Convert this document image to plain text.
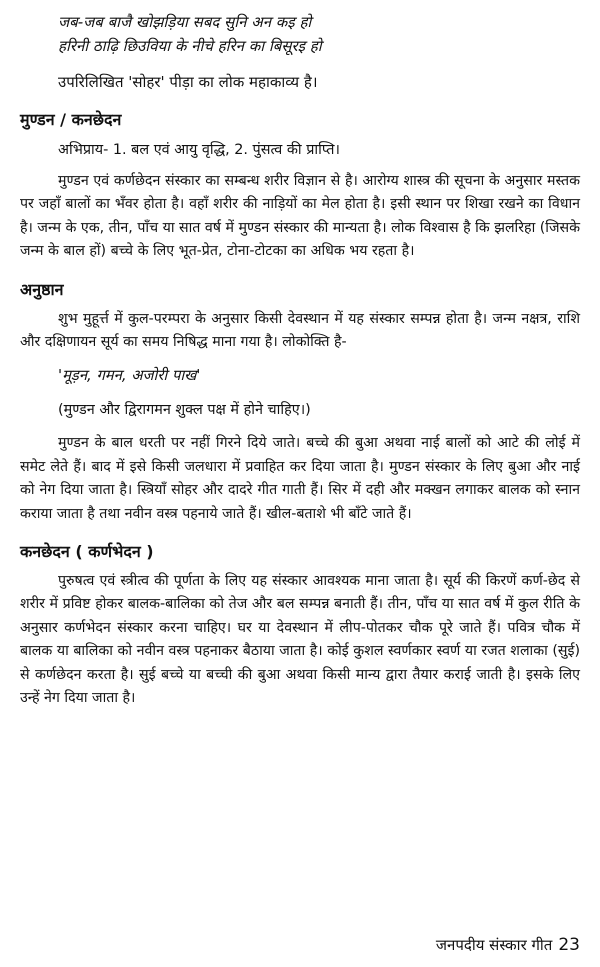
जब-जब बाजै खोझड़िया सबद सुनि अन कइ हो
हरिनी ठाढ़ि छिउविया के नीचे हरिन का बिसूरइ हो
उपरिलिखित 'सोहर' पीड़ा का लोक महाकाव्य है।
मुण्डन / कनछेदन
अभिप्राय- 1. बल एवं आयु वृद्धि, 2. पुंसत्व की प्राप्ति।

मुण्डन एवं कर्णछेदन संस्कार का सम्बन्ध शरीर विज्ञान से है। आरोग्य शास्त्र की सूचना के अनुसार मस्तक पर जहाँ बालों का भँवर होता है। वहाँ शरीर की नाड़ियों का मेल होता है। इसी स्थान पर शिखा रखने का विधान है। जन्म के एक, तीन, पाँच या सात वर्ष में मुण्डन संस्कार की मान्यता है। लोक विश्वास है कि झलरिहा (जिसके जन्म के बाल हों) बच्चे के लिए भूत-प्रेत, टोना-टोटका का अधिक भय रहता है।

अनुष्ठान

शुभ मुहूर्त्त में कुल-परम्परा के अनुसार किसी देवस्थान में यह संस्कार सम्पन्न होता है। जन्म नक्षत्र, राशि और दक्षिणायन सूर्य का समय निषिद्ध माना गया है। लोकोक्ति है-

'मूड़न, गमन, अजोरी पाख'
(मुण्डन और द्विरागमन शुक्ल पक्ष में होने चाहिए।)

मुण्डन के बाल धरती पर नहीं गिरने दिये जाते। बच्चे की बुआ अथवा नाई बालों को आटे की लोई में समेट लेते हैं। बाद में इसे किसी जलधारा में प्रवाहित कर दिया जाता है। मुण्डन संस्कार के लिए बुआ और नाई को नेग दिया जाता है। स्त्रियाँ सोहर और दादरे गीत गाती हैं। सिर में दही और मक्खन लगाकर बालक को स्नान कराया जाता है तथा नवीन वस्त्र पहनाये जाते हैं। खील-बताशे भी बाँटे जाते हैं।

कनछेदन ( कर्णभेदन )

पुरुषत्व एवं स्त्रीत्व की पूर्णता के लिए यह संस्कार आवश्यक माना जाता है। सूर्य की किरणें कर्ण-छेद से शरीर में प्रविष्ट होकर बालक-बालिका को तेज और बल सम्पन्न बनाती हैं। तीन, पाँच या सात वर्ष में कुल रीति के अनुसार कर्णभेदन संस्कार करना चाहिए। घर या देवस्थान में लीप-पोतकर चौक पूरे जाते हैं। पवित्र चौक में बालक या बालिका को नवीन वस्त्र पहनाकर बैठाया जाता है। कोई कुशल स्वर्णकार स्वर्ण या रजत शलाका (सुई) से कर्णछेदन करता है। सुई बच्चे या बच्ची की बुआ अथवा किसी मान्य द्वारा तैयार कराई जाती है। इसके लिए उन्हें नेग दिया जाता है।

जनपदीय संस्कार गीत 23
